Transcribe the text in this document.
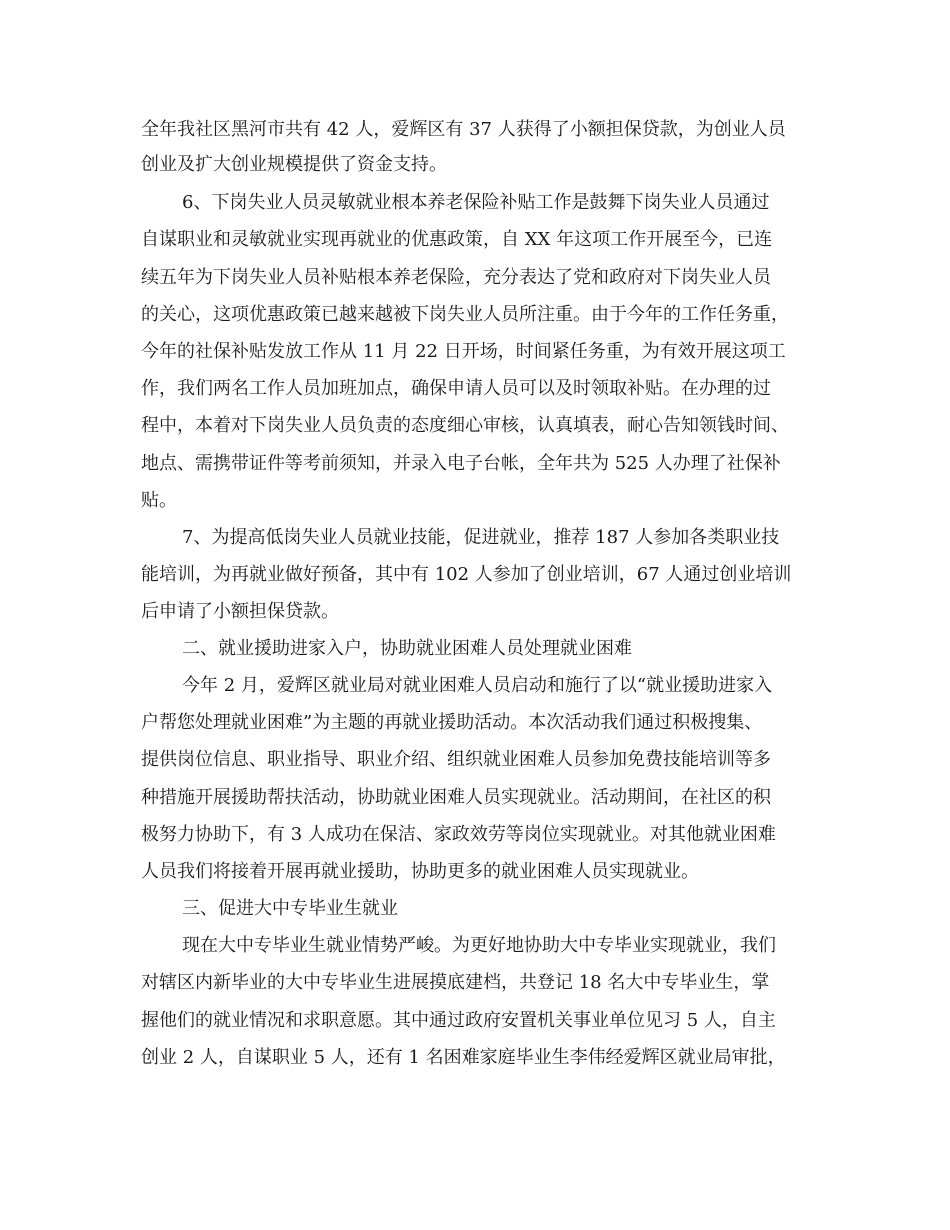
全年我社区黑河市共有 42 人，爱辉区有 37 人获得了小额担保贷款，为创业人员
创业及扩大创业规模提供了资金支持。
6、下岗失业人员灵敏就业根本养老保险补贴工作是鼓舞下岗失业人员通过
自谋职业和灵敏就业实现再就业的优惠政策，自 XX 年这项工作开展至今，已连
续五年为下岗失业人员补贴根本养老保险，充分表达了党和政府对下岗失业人员
的关心，这项优惠政策已越来越被下岗失业人员所注重。由于今年的工作任务重，
今年的社保补贴发放工作从 11 月 22 日开场，时间紧任务重，为有效开展这项工
作，我们两名工作人员加班加点，确保申请人员可以及时领取补贴。在办理的过
程中，本着对下岗失业人员负责的态度细心审核，认真填表，耐心告知领钱时间、
地点、需携带证件等考前须知，并录入电子台帐，全年共为 525 人办理了社保补
贴。
7、为提高低岗失业人员就业技能，促进就业，推荐 187 人参加各类职业技
能培训，为再就业做好预备，其中有 102 人参加了创业培训，67 人通过创业培训
后申请了小额担保贷款。
二、就业援助进家入户，协助就业困难人员处理就业困难
今年 2 月，爱辉区就业局对就业困难人员启动和施行了以“就业援助进家入
户帮您处理就业困难”为主题的再就业援助活动。本次活动我们通过积极搜集、
提供岗位信息、职业指导、职业介绍、组织就业困难人员参加免费技能培训等多
种措施开展援助帮扶活动，协助就业困难人员实现就业。活动期间，在社区的积
极努力协助下，有 3 人成功在保洁、家政效劳等岗位实现就业。对其他就业困难
人员我们将接着开展再就业援助，协助更多的就业困难人员实现就业。
三、促进大中专毕业生就业
现在大中专毕业生就业情势严峻。为更好地协助大中专毕业实现就业，我们
对辖区内新毕业的大中专毕业生进展摸底建档，共登记 18 名大中专毕业生，掌
握他们的就业情况和求职意愿。其中通过政府安置机关事业单位见习 5 人，自主
创业 2 人，自谋职业 5 人，还有 1 名困难家庭毕业生李伟经爱辉区就业局审批，
